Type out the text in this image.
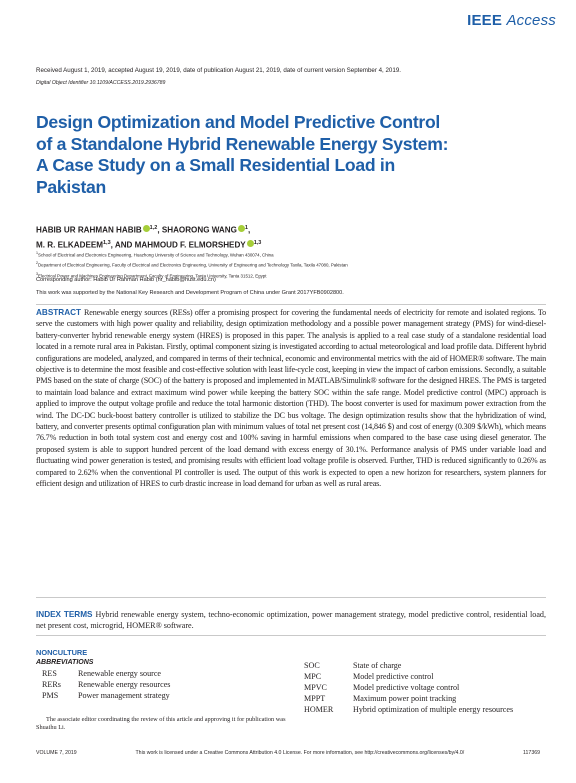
IEEE Access
Received August 1, 2019, accepted August 19, 2019, date of publication August 21, 2019, date of current version September 4, 2019.
Digital Object Identifier 10.1109/ACCESS.2019.2936789
Design Optimization and Model Predictive Control of a Standalone Hybrid Renewable Energy System: A Case Study on a Small Residential Load in Pakistan
HABIB UR RAHMAN HABIB $^{1,2}$, SHAORONG WANG $^1$,
M. R. ELKADEEM$^{1,3}$, AND MAHMOUD F. ELMORSHEDY $^{1,3}$
$^1$School of Electrical and Electronics Engineering, Huazhong University of Science and Technology, Wuhan 430074, China
$^2$Department of Electrical Engineering, Faculty of Electrical and Electronics Engineering, University of Engineering and Technology Taxila, Taxila 47080, Pakistan
$^3$Electrical Power and Machines Engineering Department, Faculty of Engineering, Tanta University, Tanta 31512, Egypt
Corresponding author: Habib Ur Rahman Habib (hr_habib@hust.edu.cn)
This work was supported by the National Key Research and Development Program of China under Grant 2017YFB0902800.
ABSTRACT Renewable energy sources (RESs) offer a promising prospect for covering the fundamental needs of electricity for remote and isolated regions. To serve the customers with high power quality and reliability, design optimization methodology and a possible power management strategy (PMS) for wind-diesel-battery-converter hybrid renewable energy system (HRES) is proposed in this paper. The analysis is applied to a real case study of a standalone residential load located in a remote rural area in Pakistan. Firstly, optimal component sizing is investigated according to actual meteorological and load profile data. Different hybrid configurations are modeled, analyzed, and compared in terms of their technical, economic and environmental metrics with the aid of HOMER® software. The main objective is to determine the most feasible and cost-effective solution with least life-cycle cost, keeping in view the impact of carbon emissions. Secondly, a suitable PMS based on the state of charge (SOC) of the battery is proposed and implemented in MATLAB/Simulink® software for the designed HRES. The PMS is targeted to maintain load balance and extract maximum wind power while keeping the battery SOC within the safe range. Model predictive control (MPC) approach is applied to improve the output voltage profile and reduce the total harmonic distortion (THD). The boost converter is used for maximum power extraction from the wind. The DC-DC buck-boost battery controller is utilized to stabilize the DC bus voltage. The design optimization results show that the hybridization of wind, battery, and converter presents optimal configuration plan with minimum values of total net present cost (14,846 $) and cost of energy (0.309 $/kWh), which means 76.7% reduction in both total system cost and energy cost and 100% saving in harmful emissions when compared to the base case using diesel generator. The proposed system is able to support hundred percent of the load demand with excess energy of 30.1%. Performance analysis of PMS under variable load and fluctuating wind power generation is tested, and promising results with efficient load voltage profile is observed. Further, THD is reduced significantly to 0.26% as compared to 2.62% when the conventional PI controller is used. The output of this work is expected to open a new horizon for researchers, system planners for efficient design and utilization of HRES to curb drastic increase in load demand for urban as well as rural areas.
INDEX TERMS Hybrid renewable energy system, techno-economic optimization, power management strategy, model predictive control, residential load, net present cost, microgrid, HOMER® software.
NONCULTURE
ABBREVIATIONS
RES	Renewable energy source
RERs	Renewable energy resources
PMS	Power management strategy
SOC	State of charge
MPC	Model predictive control
MPVC	Model predictive voltage control
MPPT	Maximum power point tracking
HOMER	Hybrid optimization of multiple energy resources
The associate editor coordinating the review of this article and approving it for publication was Shuaihu Li.
VOLUME 7, 2019	This work is licensed under a Creative Commons Attribution 4.0 License. For more information, see http://creativecommons.org/licenses/by/4.0/	117369
